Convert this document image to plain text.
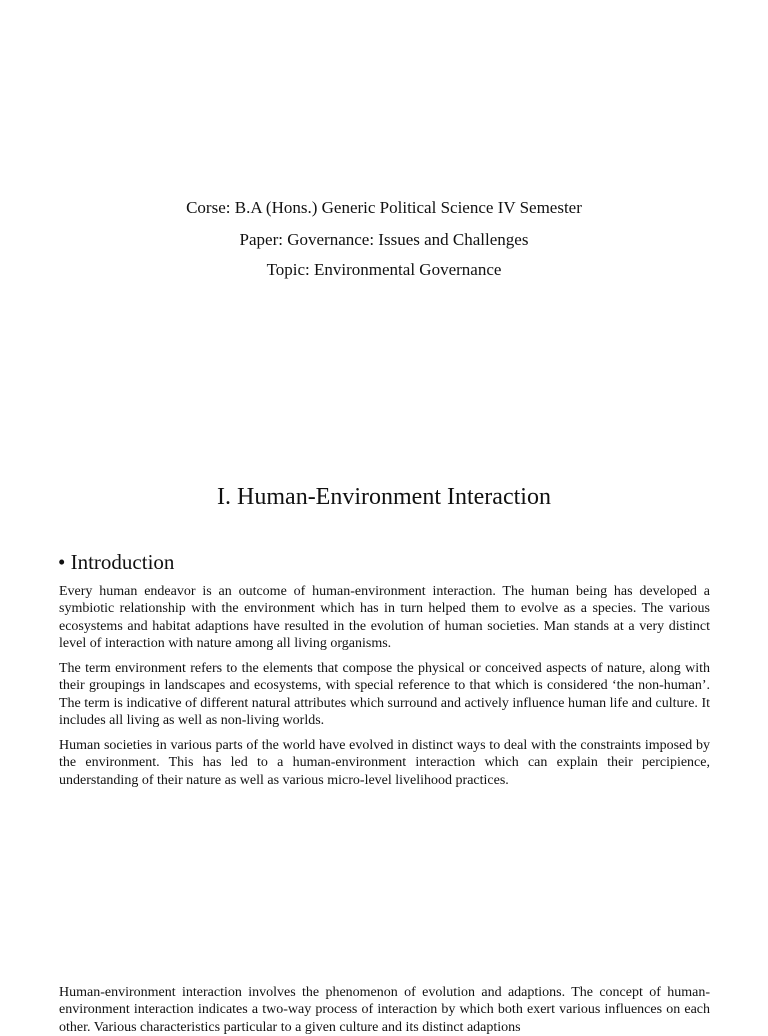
Corse: B.A (Hons.) Generic Political Science IV Semester
Paper: Governance: Issues and Challenges
Topic: Environmental Governance
I. Human-Environment Interaction
• Introduction

Every human endeavor is an outcome of human-environment interaction. The human being has developed a symbiotic relationship with the environment which has in turn helped them to evolve as a species. The various ecosystems and habitat adaptions have resulted in the evolution of human societies. Man stands at a very distinct level of interaction with nature among all living organisms.

The term environment refers to the elements that compose the physical or conceived aspects of nature, along with their groupings in landscapes and ecosystems, with special reference to that which is considered ‘the non-human’. The term is indicative of different natural attributes which surround and actively influence human life and culture. It includes all living as well as non-living worlds.

Human societies in various parts of the world have evolved in distinct ways to deal with the constraints imposed by the environment. This has led to a human-environment interaction which can explain their percipience, understanding of their nature as well as various micro-level livelihood practices.

Human-environment interaction involves the phenomenon of evolution and adaptions. The concept of human-environment interaction indicates a two-way process of interaction by which both exert various influences on each other. Various characteristics particular to a given culture and its distinct adaptions
